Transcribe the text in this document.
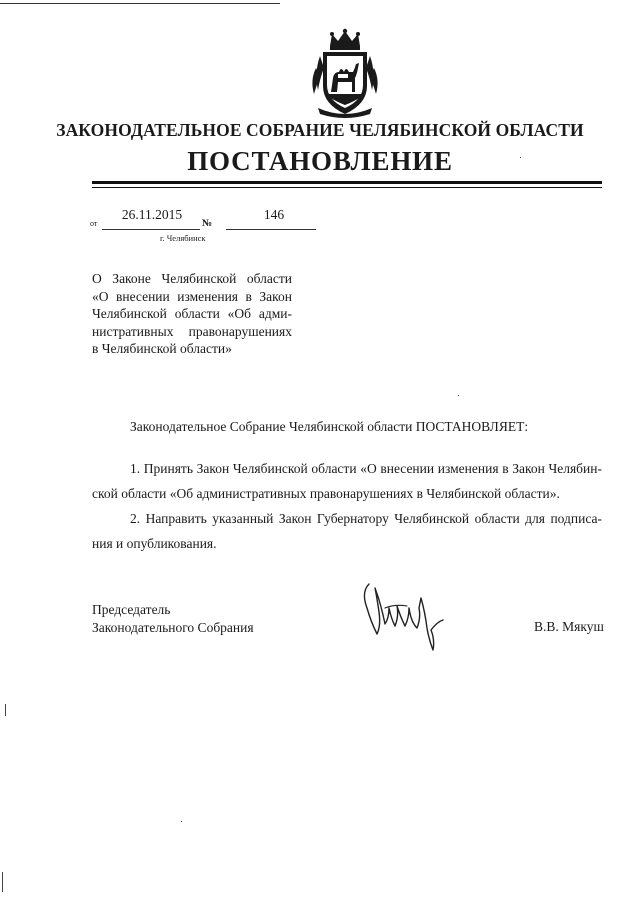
ЗАКОНОДАТЕЛЬНОЕ СОБРАНИЕ ЧЕЛЯБИНСКОЙ ОБЛАСТИ
ПОСТАНОВЛЕНИЕ
от
26.11.2015
№
146
г. Челябинск
О Законе Челябинской области
«О внесении изменения в Закон
Челябинской области «Об адми-
нистративных правонарушениях
в Челябинской области»
Законодательное Собрание Челябинской области ПОСТАНОВЛЯЕТ:
1. Принять Закон Челябинской области «О внесении изменения в Закон Челябин-
ской области «Об административных правонарушениях в Челябинской области».
2. Направить указанный Закон Губернатору Челябинской области для подписа-
ния и опубликования.
Председатель
Законодательного Собрания	В.В. Мякуш
